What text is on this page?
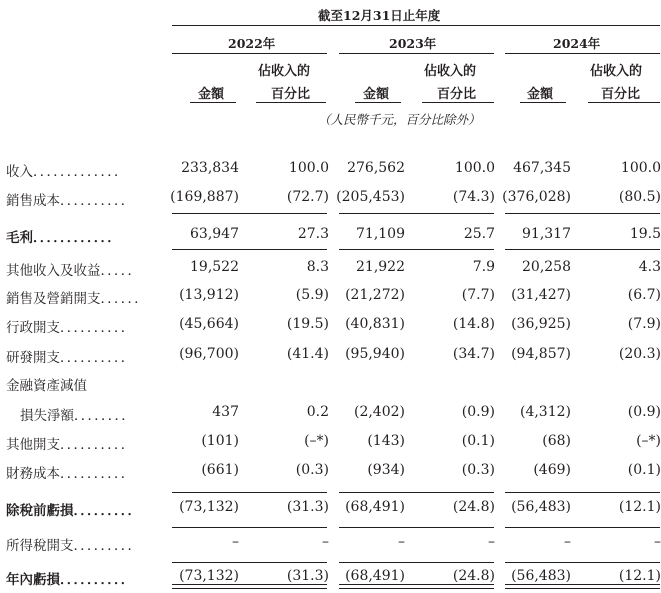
截至12月31日止年度
2022年	2023年	2024年
佔收入的	佔收入的	佔收入的
金額	百分比	金額	百分比	金額	百分比
（人民幣千元，百分比除外）
收入．．．．．．．．．．．．．	233,834	100.0 276,562	100.0 467,345	100.0
銷售成本．．．．．．．．．．	(169,887)	(72.7) (205,453)	(74.3) (376,028)	(80.5)
毛利．．．．．．．．．．．．	63,947	27.3 71,109	25.7 91,317	19.5
其他收入及收益．．．．．	19,522	8.3 21,922	7.9 20,258	4.3
銷售及營銷開支．．．．．． (13,912)	(5.9) (21,272)	(7.7) (31,427)	(6.7)
行政開支．．．．．．．．．．	(45,664)	(19.5) (40,831)	(14.8) (36,925)	(7.9)
研發開支．．．．．．．．．．	(96,700)	(41.4) (95,940)	(34.7) (94,857)	(20.3)
金融資產減值
損失淨額．．．．．．．．	437	0.2 (2,402)	(0.9) (4,312)	(0.9)
其他開支．．．．．．．．．．	(101)	(–*)	(143)	(0.1)	(68)	(–*)
財務成本．．．．．．．．．．	(661)	(0.3)	(934)	(0.3)	(469)	(0.1)
除稅前虧損．．．．．．．．．	(73,132)	(31.3) (68,491)	(24.8) (56,483)	(12.1)
所得稅開支．．．．．．．．．	–	–	–	–	–	–
年內虧損．．．．．．．．．．	(73,132)	(31.3) (68,491)	(24.8) (56,483)	(12.1)
